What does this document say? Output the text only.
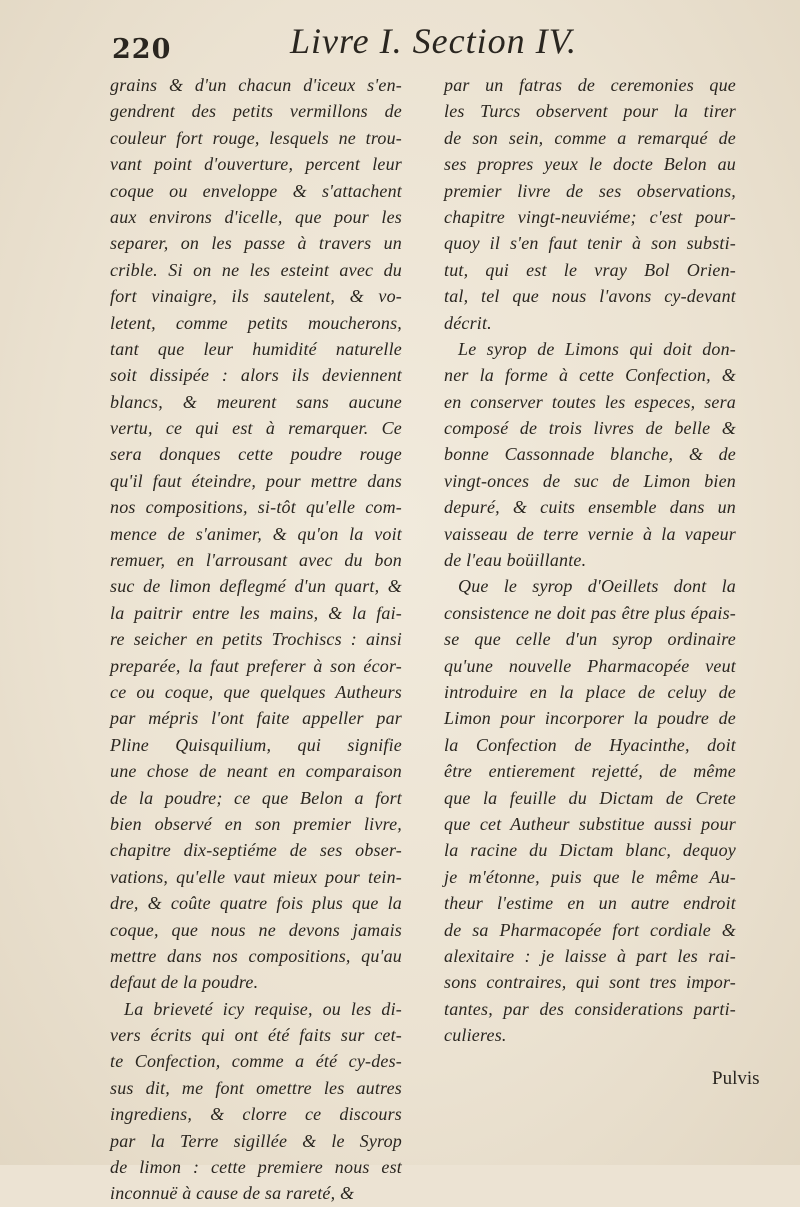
220	Livre I. Section IV.
grains & d'un chacun d'iceux s'en-
gendrent des petits vermillons de
couleur fort rouge, lesquels ne trou-
vant point d'ouverture, percent leur
coque ou enveloppe & s'attachent
aux environs d'icelle, que pour les
separer, on les passe à travers un
crible. Si on ne les esteint avec du
fort vinaigre, ils sautelent, & vo-
letent, comme petits moucherons,
tant que leur humidité naturelle
soit dissipée : alors ils deviennent
blancs, & meurent sans aucune
vertu, ce qui est à remarquer. Ce
sera donques cette poudre rouge
qu'il faut éteindre, pour mettre dans
nos compositions, si-tôt qu'elle com-
mence de s'animer, & qu'on la voit
remuer, en l'arrousant avec du bon
suc de limon deflegmé d'un quart, &
la paitrir entre les mains, & la fai-
re seicher en petits Trochiscs : ainsi
preparée, la faut preferer à son écor-
ce ou coque, que quelques Autheurs
par mépris l'ont faite appeller par
Pline Quisquilium, qui signifie
une chose de neant en comparaison
de la poudre; ce que Belon a fort
bien observé en son premier livre,
chapitre dix-septiéme de ses obser-
vations, qu'elle vaut mieux pour tein-
dre, & coûte quatre fois plus que la
coque, que nous ne devons jamais
mettre dans nos compositions, qu'au
defaut de la poudre.
La brieveté icy requise, ou les di-
vers écrits qui ont été faits sur cet-
te Confection, comme a été cy-des-
sus dit, me font omettre les autres
ingrediens, & clorre ce discours
par la Terre sigillée & le Syrop
de limon : cette premiere nous est
inconnuë à cause de sa rareté, &
par un fatras de ceremonies que
les Turcs observent pour la tirer
de son sein, comme a remarqué de
ses propres yeux le docte Belon au
premier livre de ses observations,
chapitre vingt-neuviéme; c'est pour-
quoy il s'en faut tenir à son substi-
tut, qui est le vray Bol Orien-
tal, tel que nous l'avons cy-devant
décrit.
Le syrop de Limons qui doit don-
ner la forme à cette Confection, &
en conserver toutes les especes, sera
composé de trois livres de belle &
bonne Cassonnade blanche, & de
vingt-onces de suc de Limon bien
depuré, & cuits ensemble dans un
vaisseau de terre vernie à la vapeur
de l'eau boüillante.
Que le syrop d'Oeillets dont la
consistence ne doit pas être plus épais-
se que celle d'un syrop ordinaire
qu'une nouvelle Pharmacopée veut
introduire en la place de celuy de
Limon pour incorporer la poudre de
la Confection de Hyacinthe, doit
être entierement rejetté, de même
que la feuille du Dictam de Crete
que cet Autheur substitue aussi pour
la racine du Dictam blanc, dequoy
je m'étonne, puis que le même Au-
theur l'estime en un autre endroit
de sa Pharmacopée fort cordiale &
alexitaire : je laisse à part les rai-
sons contraires, qui sont tres impor-
tantes, par des considerations parti-
culieres.
Pulvis
